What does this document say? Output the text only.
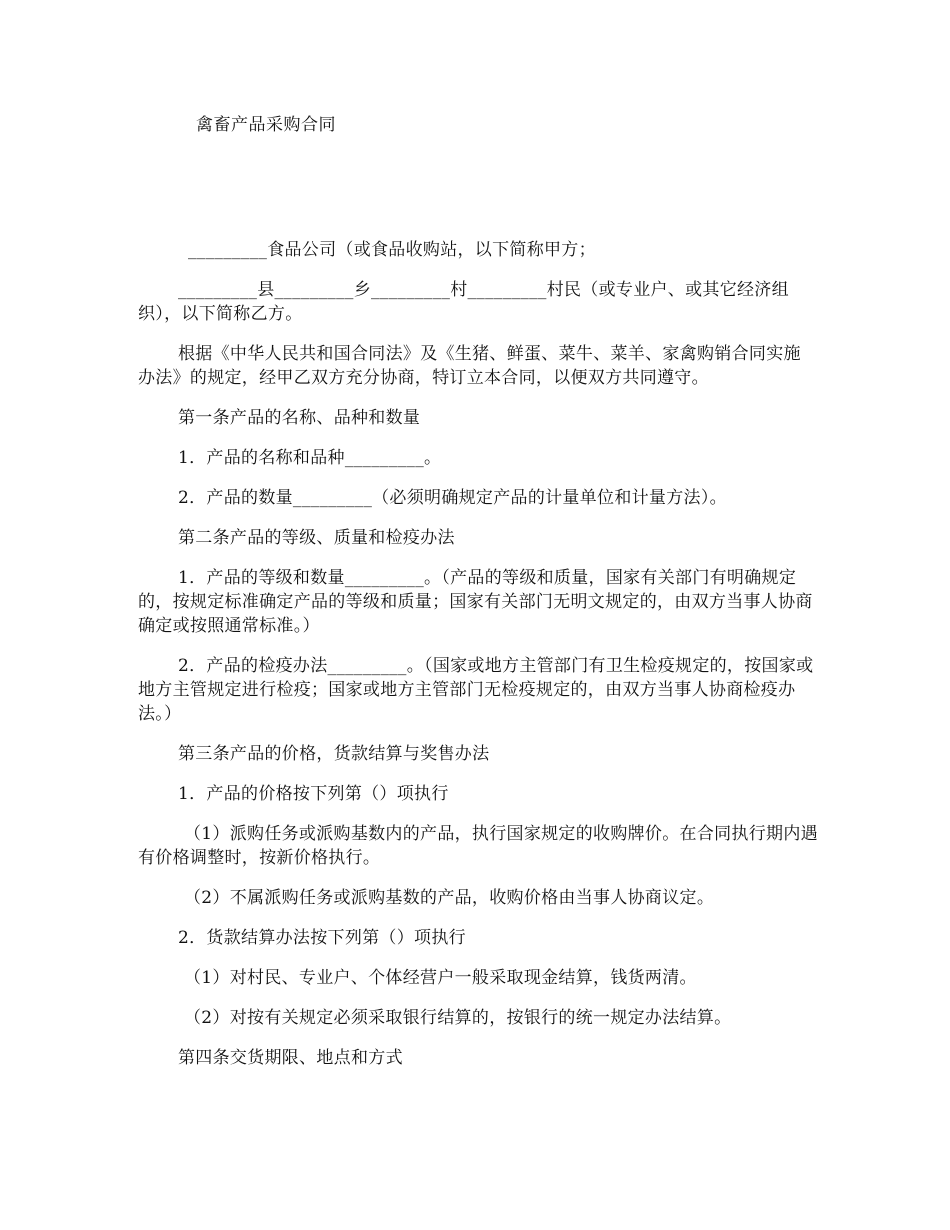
禽畜产品采购合同

_________食品公司（或食品收购站，以下简称甲方；

_________县_________乡_________村_________村民（或专业户、或其它经济组织），以下简称乙方。

根据《中华人民共和国合同法》及《生猪、鲜蛋、菜牛、菜羊、家禽购销合同实施办法》的规定，经甲乙双方充分协商，特订立本合同，以便双方共同遵守。

第一条产品的名称、品种和数量

1．产品的名称和品种_________。

2．产品的数量_________（必须明确规定产品的计量单位和计量方法）。

第二条产品的等级、质量和检疫办法

1．产品的等级和数量_________。（产品的等级和质量，国家有关部门有明确规定的，按规定标准确定产品的等级和质量；国家有关部门无明文规定的，由双方当事人协商确定或按照通常标准。）

2．产品的检疫办法_________。（国家或地方主管部门有卫生检疫规定的，按国家或地方主管规定进行检疫；国家或地方主管部门无检疫规定的，由双方当事人协商检疫办法。）

第三条产品的价格，货款结算与奖售办法

1．产品的价格按下列第（）项执行

（1）派购任务或派购基数内的产品，执行国家规定的收购牌价。在合同执行期内遇有价格调整时，按新价格执行。

（2）不属派购任务或派购基数的产品，收购价格由当事人协商议定。

2．货款结算办法按下列第（）项执行

（1）对村民、专业户、个体经营户一般采取现金结算，钱货两清。

（2）对按有关规定必须采取银行结算的，按银行的统一规定办法结算。

第四条交货期限、地点和方式
